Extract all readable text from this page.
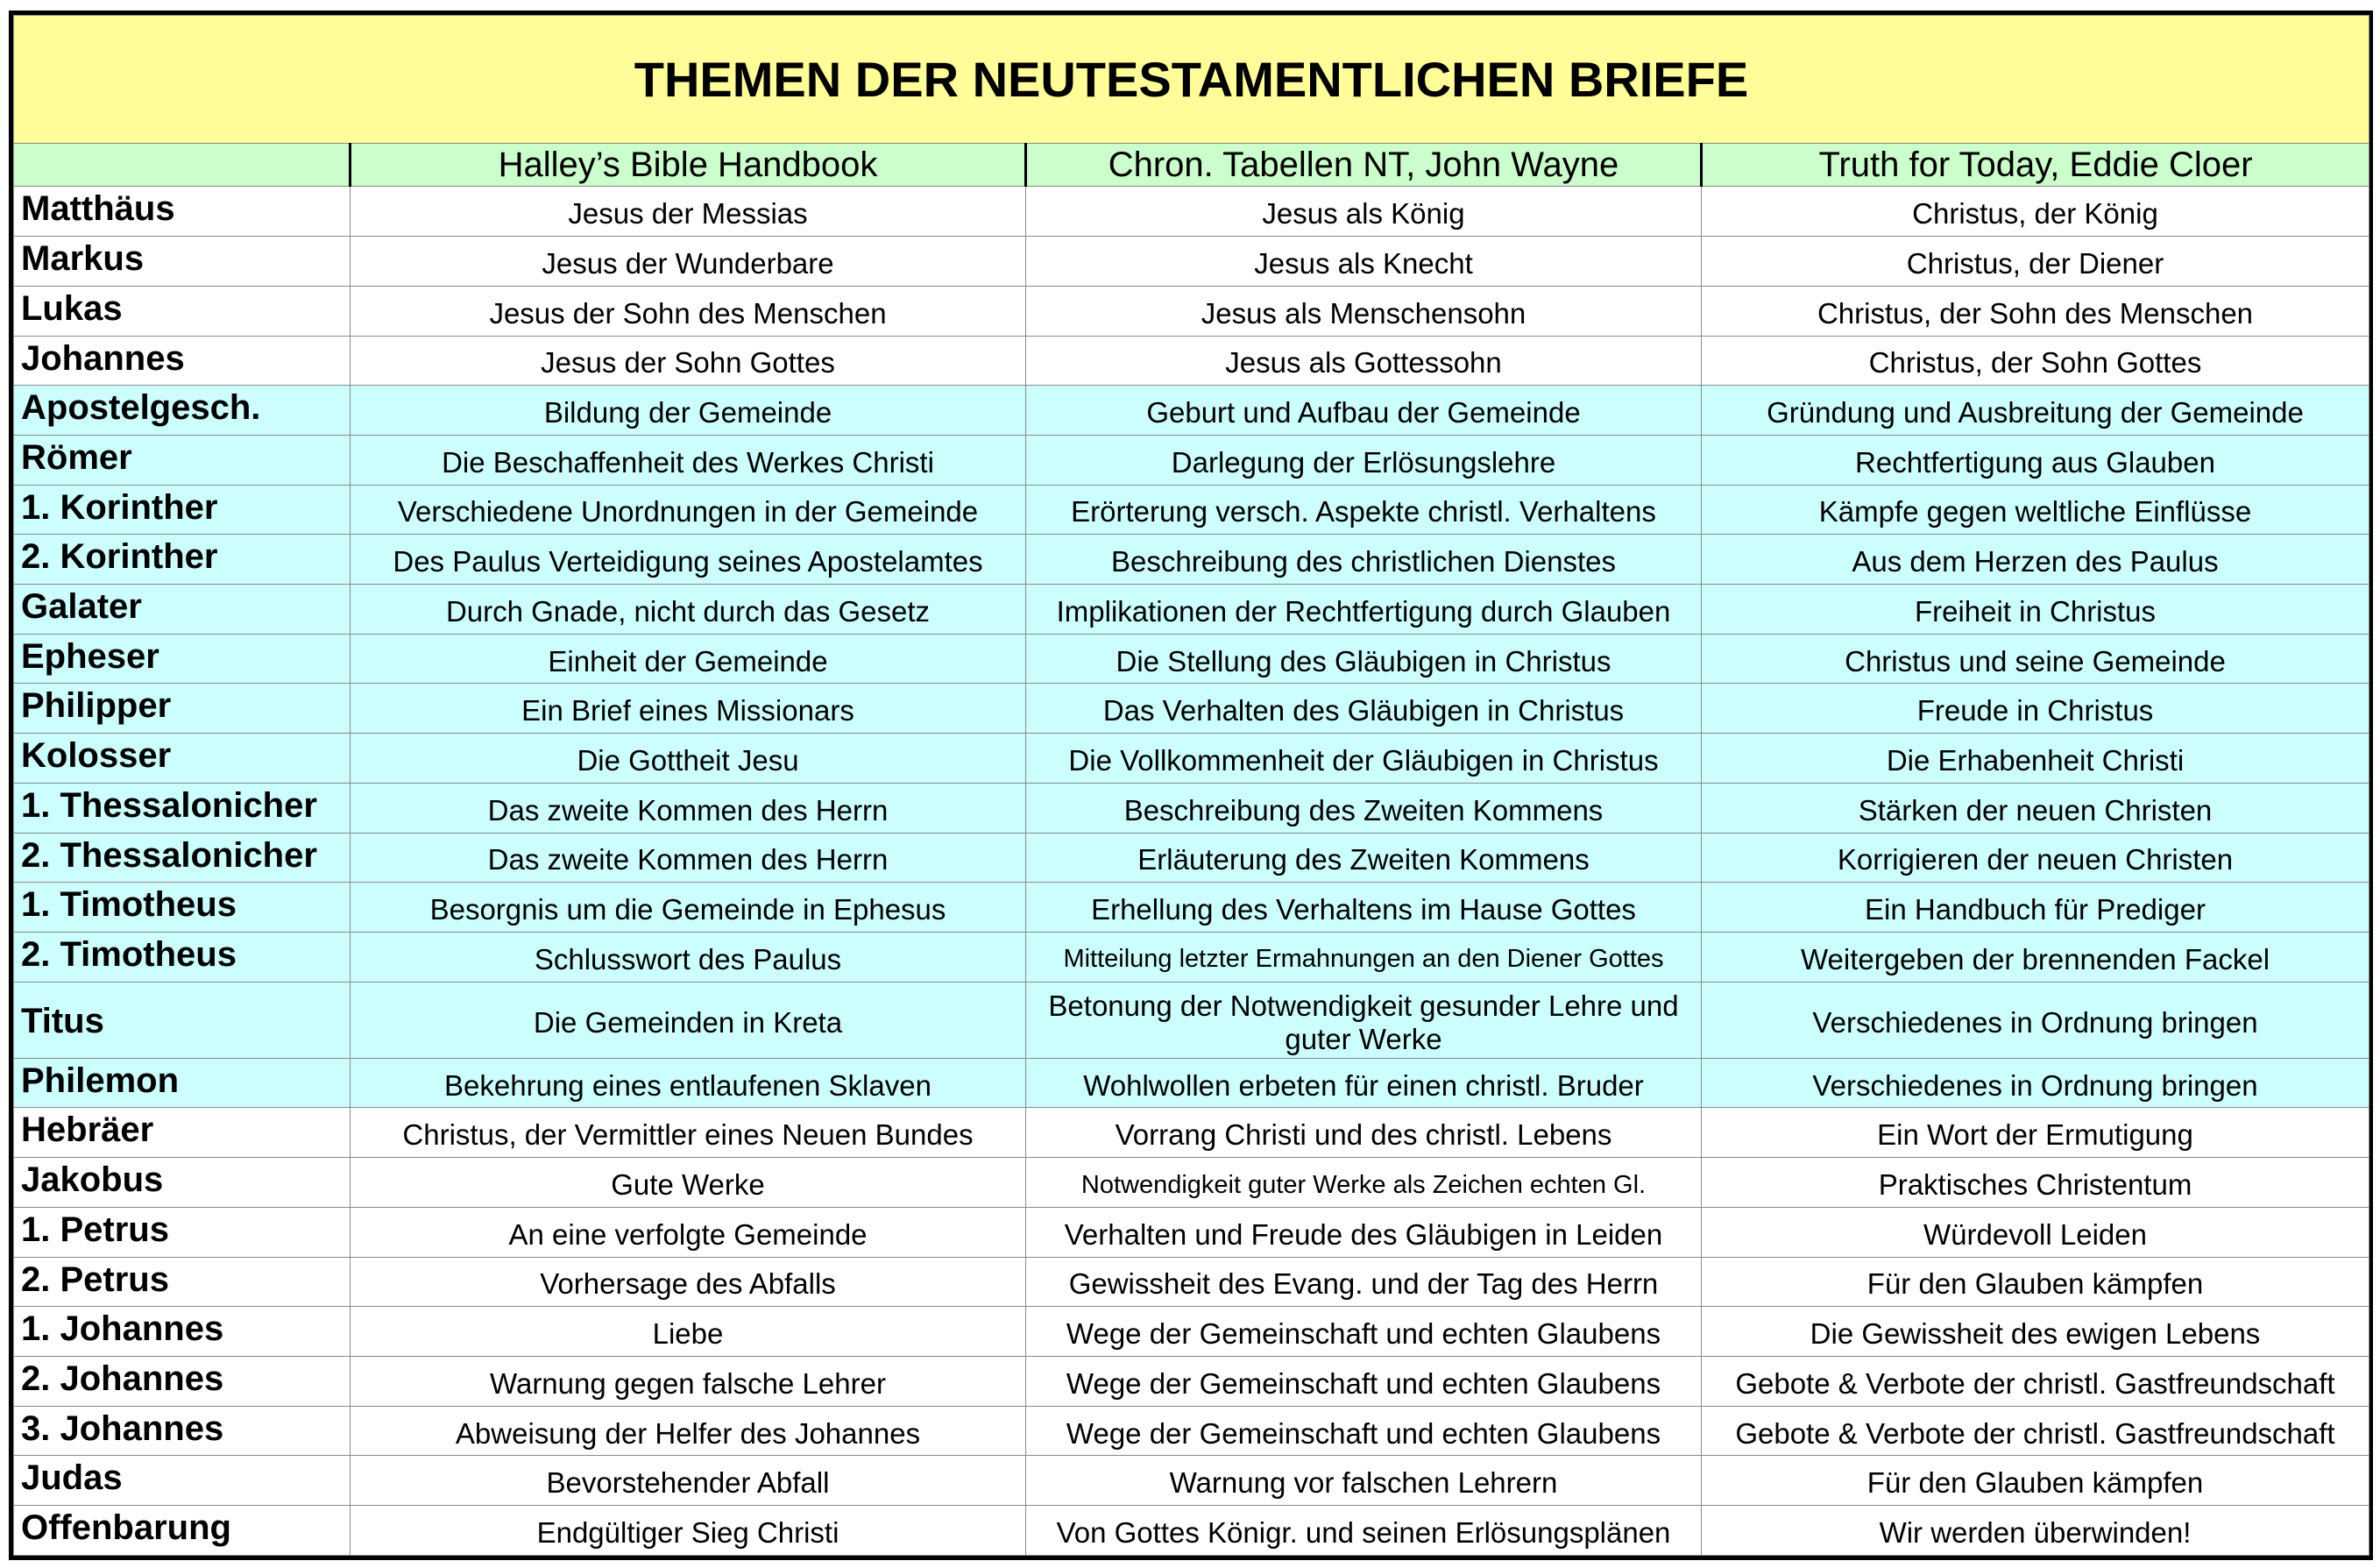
THEMEN DER NEUTESTAMENTLICHEN BRIEFE			
	Halley’s Bible Handbook	Chron. Tabellen NT, John Wayne	Truth for Today, Eddie Cloer
Matthäus	Jesus der Messias	Jesus als König	Christus, der König
Markus	Jesus der Wunderbare	Jesus als Knecht	Christus, der Diener
Lukas	Jesus der Sohn des Menschen	Jesus als Menschensohn	Christus, der Sohn des Menschen
Johannes	Jesus der Sohn Gottes	Jesus als Gottessohn	Christus, der Sohn Gottes
Apostelgesch.	Bildung der Gemeinde	Geburt und Aufbau der Gemeinde	Gründung und Ausbreitung der Gemeinde
Römer	Die Beschaffenheit des Werkes Christi	Darlegung der Erlösungslehre	Rechtfertigung aus Glauben
1. Korinther	Verschiedene Unordnungen in der Gemeinde	Erörterung versch. Aspekte christl. Verhaltens	Kämpfe gegen weltliche Einflüsse
2. Korinther	Des Paulus Verteidigung seines Apostelamtes	Beschreibung des christlichen Dienstes	Aus dem Herzen des Paulus
Galater	Durch Gnade, nicht durch das Gesetz	Implikationen der Rechtfertigung durch Glauben	Freiheit in Christus
Epheser	Einheit der Gemeinde	Die Stellung des Gläubigen in Christus	Christus und seine Gemeinde
Philipper	Ein Brief eines Missionars	Das Verhalten des Gläubigen in Christus	Freude in Christus
Kolosser	Die Gottheit Jesu	Die Vollkommenheit der Gläubigen in Christus	Die Erhabenheit Christi
1. Thessalonicher	Das zweite Kommen des Herrn	Beschreibung des Zweiten Kommens	Stärken der neuen Christen
2. Thessalonicher	Das zweite Kommen des Herrn	Erläuterung des Zweiten Kommens	Korrigieren der neuen Christen
1. Timotheus	Besorgnis um die Gemeinde in Ephesus	Erhellung des Verhaltens im Hause Gottes	Ein Handbuch für Prediger
2. Timotheus	Schlusswort des Paulus	Mitteilung letzter Ermahnungen an den Diener Gottes	Weitergeben der brennenden Fackel
Titus	Die Gemeinden in Kreta	Betonung der Notwendigkeit gesunder Lehre und guter Werke	Verschiedenes in Ordnung bringen
Philemon	Bekehrung eines entlaufenen Sklaven	Wohlwollen erbeten für einen christl. Bruder	Verschiedenes in Ordnung bringen
Hebräer	Christus, der Vermittler eines Neuen Bundes	Vorrang Christi und des christl. Lebens	Ein Wort der Ermutigung
Jakobus	Gute Werke	Notwendigkeit guter Werke als Zeichen echten Gl.	Praktisches Christentum
1. Petrus	An eine verfolgte Gemeinde	Verhalten und Freude des Gläubigen in Leiden	Würdevoll Leiden
2. Petrus	Vorhersage des Abfalls	Gewissheit des Evang. und der Tag des Herrn	Für den Glauben kämpfen
1. Johannes	Liebe	Wege der Gemeinschaft und echten Glaubens	Die Gewissheit des ewigen Lebens
2. Johannes	Warnung gegen falsche Lehrer	Wege der Gemeinschaft und echten Glaubens	Gebote & Verbote der christl. Gastfreundschaft
3. Johannes	Abweisung der Helfer des Johannes	Wege der Gemeinschaft und echten Glaubens	Gebote & Verbote der christl. Gastfreundschaft
Judas	Bevorstehender Abfall	Warnung vor falschen Lehrern	Für den Glauben kämpfen
Offenbarung	Endgültiger Sieg Christi	Von Gottes Königr. und seinen Erlösungsplänen	Wir werden überwinden!
